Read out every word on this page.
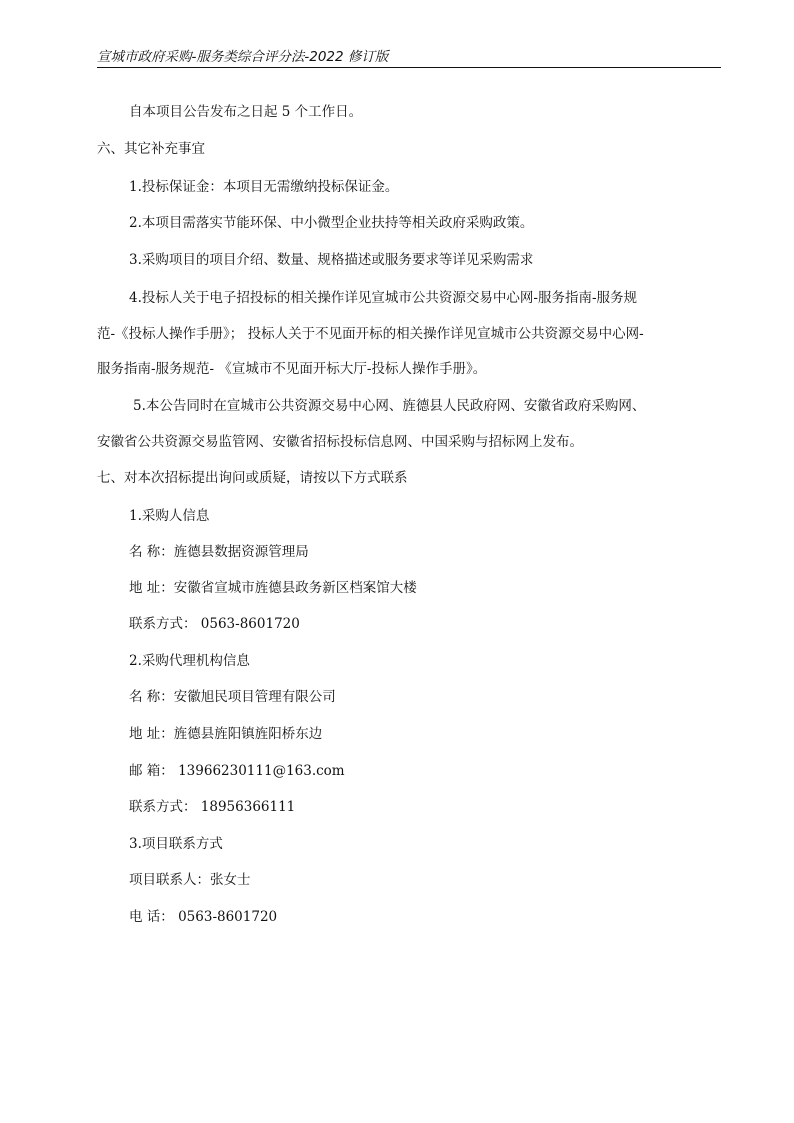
宣城市政府采购-服务类综合评分法-2022 修订版
自本项目公告发布之日起 5 个工作日。
六、其它补充事宜
1.投标保证金：本项目无需缴纳投标保证金。
2.本项目需落实节能环保、中小微型企业扶持等相关政府采购政策。
3.采购项目的项目介绍、数量、规格描述或服务要求等详见采购需求
4.投标人关于电子招投标的相关操作详见宣城市公共资源交易中心网-服务指南-服务规
范-《投标人操作手册》； 投标人关于不见面开标的相关操作详见宣城市公共资源交易中心网-
服务指南-服务规范- 《宣城市不见面开标大厅-投标人操作手册》。
5.本公告同时在宣城市公共资源交易中心网、旌德县人民政府网、安徽省政府采购网、
安徽省公共资源交易监管网、安徽省招标投标信息网、中国采购与招标网上发布。
七、对本次招标提出询问或质疑，请按以下方式联系
1.采购人信息
名 称：旌德县数据资源管理局
地 址：安徽省宣城市旌德县政务新区档案馆大楼
联系方式： 0563-8601720
2.采购代理机构信息
名 称：安徽旭民项目管理有限公司
地 址：旌德县旌阳镇旌阳桥东边
邮 箱： 13966230111@163.com
联系方式： 18956366111
3.项目联系方式
项目联系人：张女士
电 话： 0563-8601720
